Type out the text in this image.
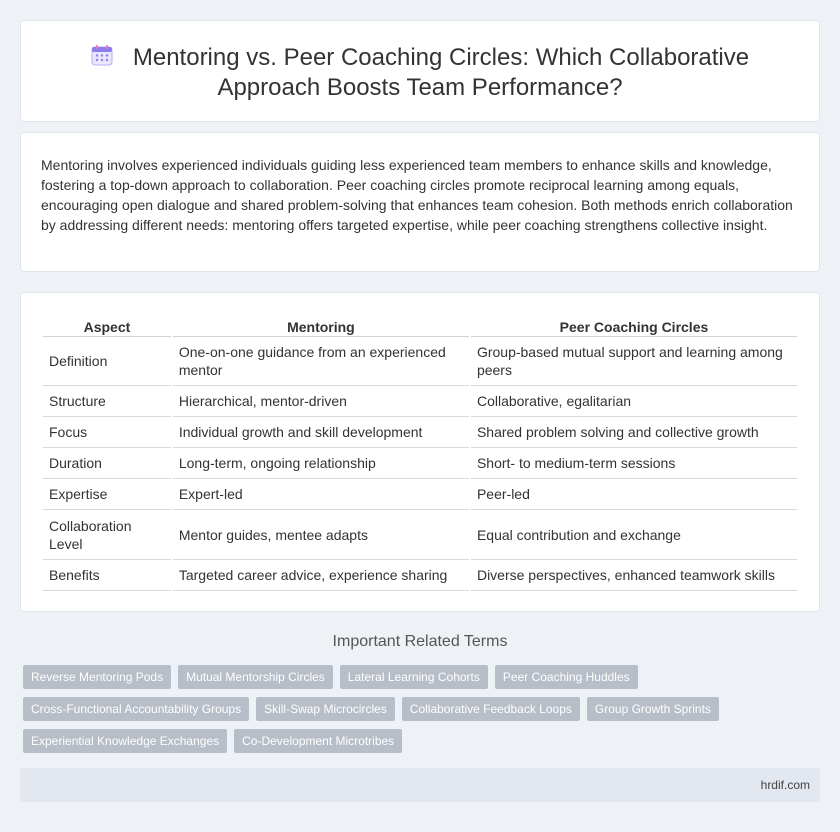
Mentoring vs. Peer Coaching Circles: Which Collaborative
Approach Boosts Team Performance?

Mentoring involves experienced individuals guiding less experienced team members to enhance skills and knowledge, fostering a top-down approach to collaboration. Peer coaching circles promote reciprocal learning among equals, encouraging open dialogue and shared problem-solving that enhances team cohesion. Both methods enrich collaboration by addressing different needs: mentoring offers targeted expertise, while peer coaching strengthens collective insight.

Aspect	Mentoring	Peer Coaching Circles
Definition	One-on-one guidance from an experienced mentor	Group-based mutual support and learning among peers
Structure	Hierarchical, mentor-driven	Collaborative, egalitarian
Focus	Individual growth and skill development	Shared problem solving and collective growth
Duration	Long-term, ongoing relationship	Short- to medium-term sessions
Expertise	Expert-led	Peer-led
Collaboration Level	Mentor guides, mentee adapts	Equal contribution and exchange
Benefits	Targeted career advice, experience sharing	Diverse perspectives, enhanced teamwork skills
Important Related Terms
Reverse Mentoring Pods	Mutual Mentorship Circles	Lateral Learning Cohorts	Peer Coaching Huddles
Cross-Functional Accountability Groups	Skill-Swap Microcircles	Collaborative Feedback Loops	Group Growth Sprints
Experiential Knowledge Exchanges	Co-Development Microtribes
hrdif.com
